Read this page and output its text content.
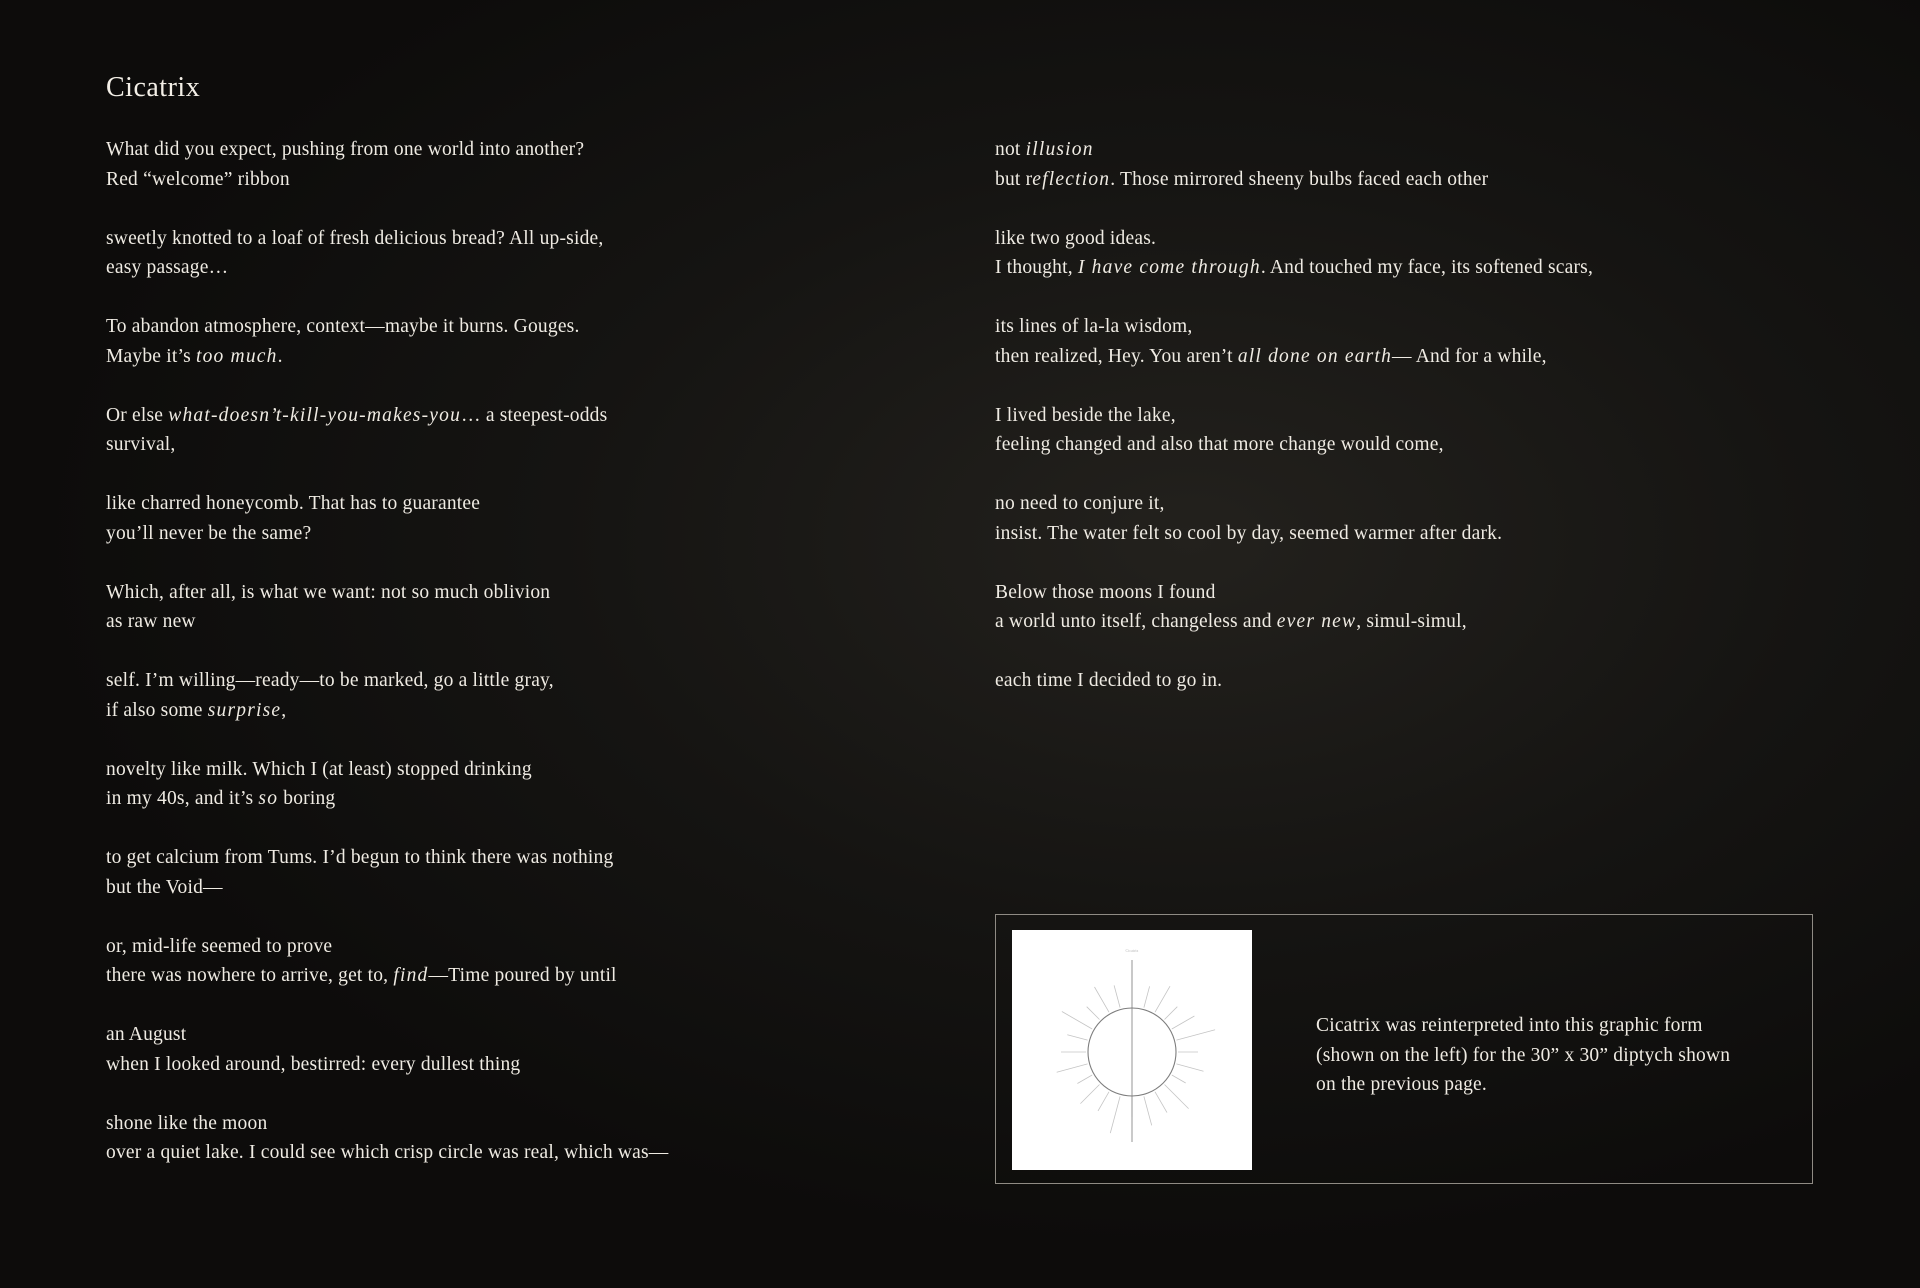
Cicatrix
What did you expect, pushing from one world into another?
Red “welcome” ribbon
sweetly knotted to a loaf of fresh delicious bread? All up-side,
easy passage…
To abandon atmosphere, context—maybe it burns. Gouges.
Maybe it’s too much.
Or else what-doesn’t-kill-you-makes-you… a steepest-odds
survival,
like charred honeycomb. That has to guarantee
you’ll never be the same?
Which, after all, is what we want: not so much oblivion
as raw new
self. I’m willing—ready—to be marked, go a little gray,
if also some surprise,
novelty like milk. Which I (at least) stopped drinking
in my 40s, and it’s so boring
to get calcium from Tums. I’d begun to think there was nothing
but the Void—
or, mid-life seemed to prove
there was nowhere to arrive, get to, find—Time poured by until
an August
when I looked around, bestirred: every dullest thing
shone like the moon
over a quiet lake. I could see which crisp circle was real, which was—
not illusion
but reflection. Those mirrored sheeny bulbs faced each other
like two good ideas.
I thought, I have come through. And touched my face, its softened scars,
its lines of la-la wisdom,
then realized, Hey. You aren’t all done on earth— And for a while,
I lived beside the lake,
feeling changed and also that more change would come,
no need to conjure it,
insist. The water felt so cool by day, seemed warmer after dark.
Below those moons I found
a world unto itself, changeless and ever new, simul-simul,
each time I decided to go in.
Cicatrix
Cicatrix was reinterpreted into this graphic form
(shown on the left) for the 30” x 30” diptych shown
on the previous page.
